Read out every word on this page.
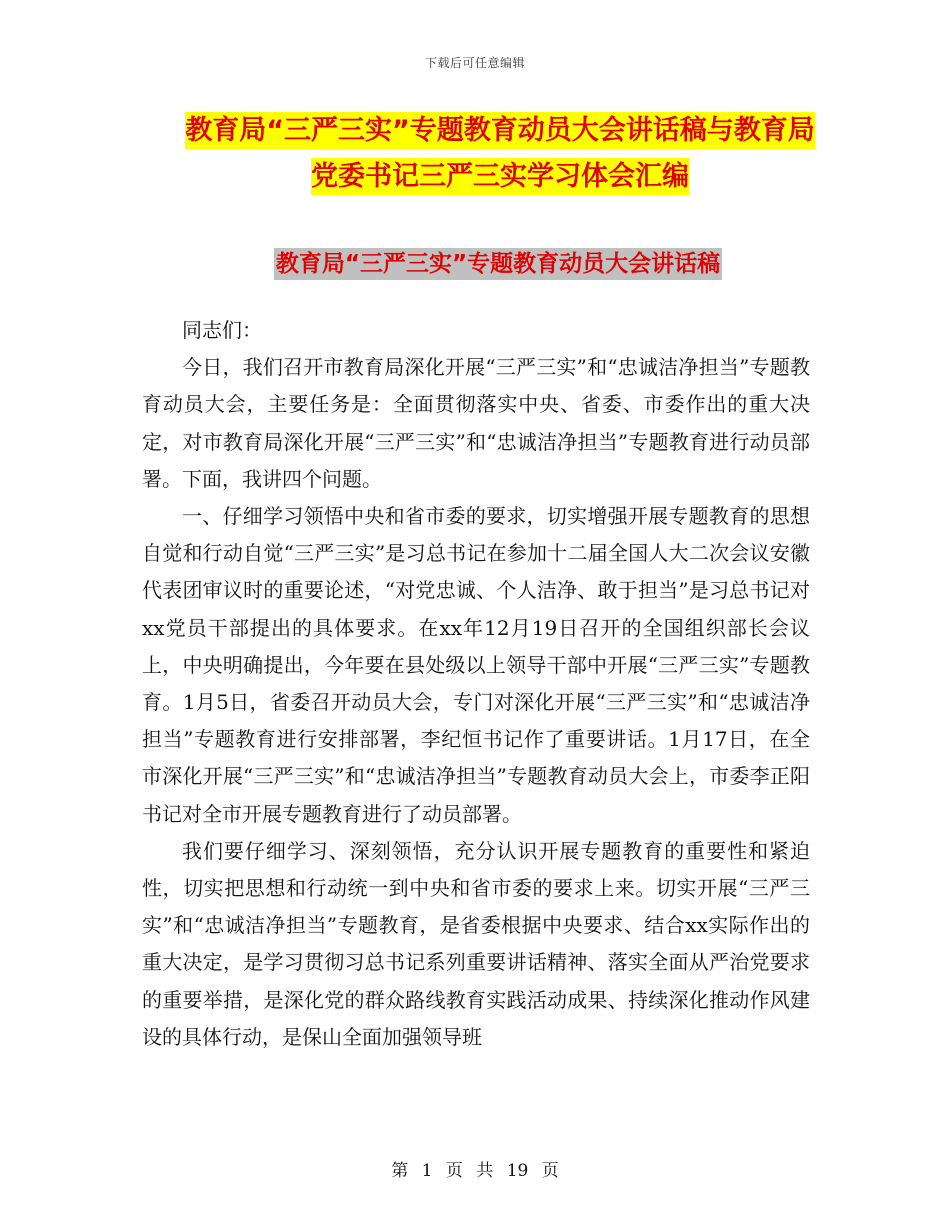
下载后可任意编辑
教育局“三严三实”专题教育动员大会讲话稿与教育局党委书记三严三实学习体会汇编
教育局“三严三实”专题教育动员大会讲话稿

同志们：

今日，我们召开市教育局深化开展“三严三实”和“忠诚洁净担当”专题教育动员大会，主要任务是：全面贯彻落实中央、省委、市委作出的重大决定，对市教育局深化开展“三严三实”和“忠诚洁净担当”专题教育进行动员部署。下面，我讲四个问题。

一、仔细学习领悟中央和省市委的要求，切实增强开展专题教育的思想自觉和行动自觉“三严三实”是习总书记在参加十二届全国人大二次会议安徽代表团审议时的重要论述，“对党忠诚、个人洁净、敢于担当”是习总书记对xx党员干部提出的具体要求。在xx年12月19日召开的全国组织部长会议上，中央明确提出，今年要在县处级以上领导干部中开展“三严三实”专题教育。1月5日，省委召开动员大会，专门对深化开展“三严三实”和“忠诚洁净担当”专题教育进行安排部署，李纪恒书记作了重要讲话。1月17日，在全市深化开展“三严三实”和“忠诚洁净担当”专题教育动员大会上，市委李正阳书记对全市开展专题教育进行了动员部署。

我们要仔细学习、深刻领悟，充分认识开展专题教育的重要性和紧迫性，切实把思想和行动统一到中央和省市委的要求上来。切实开展“三严三实”和“忠诚洁净担当”专题教育，是省委根据中央要求、结合xx实际作出的重大决定，是学习贯彻习总书记系列重要讲话精神、落实全面从严治党要求的重要举措，是深化党的群众路线教育实践活动成果、持续深化推动作风建设的具体行动，是保山全面加强领导班

第 1 页 共 19 页
